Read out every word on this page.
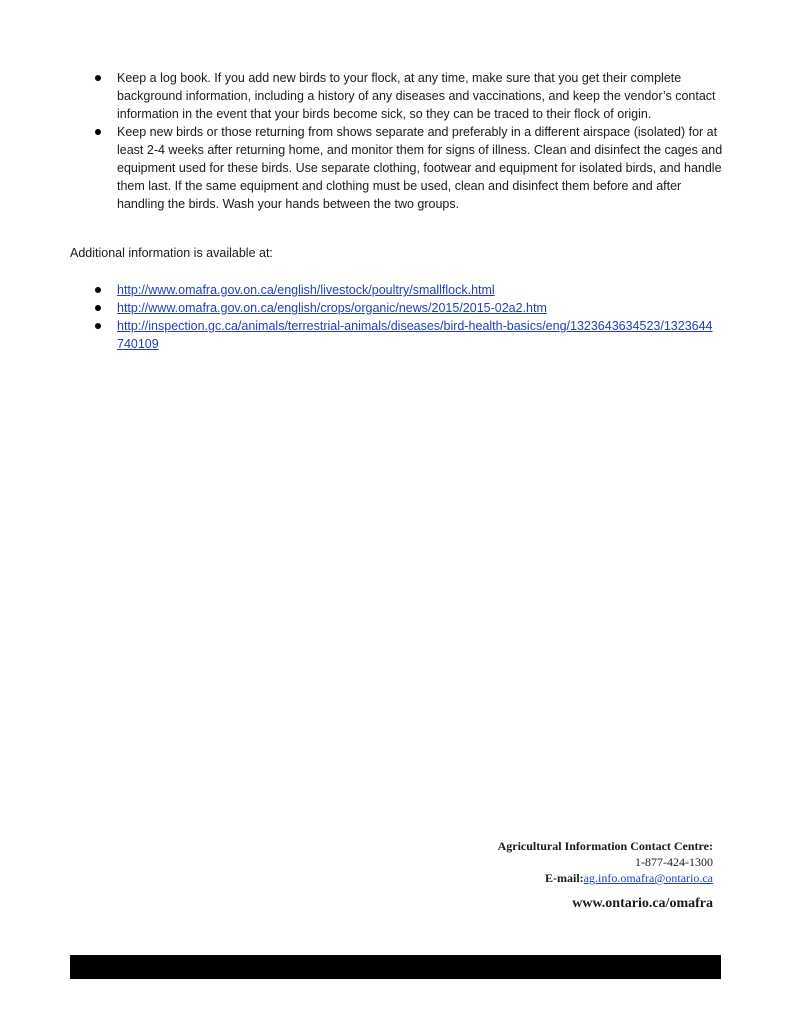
Keep a log book. If you add new birds to your flock, at any time, make sure that you get their complete background information, including a history of any diseases and vaccinations, and keep the vendor’s contact information in the event that your birds become sick, so they can be traced to their flock of origin.
Keep new birds or those returning from shows separate and preferably in a different airspace (isolated) for at least 2-4 weeks after returning home, and monitor them for signs of illness. Clean and disinfect the cages and equipment used for these birds. Use separate clothing, footwear and equipment for isolated birds, and handle them last. If the same equipment and clothing must be used, clean and disinfect them before and after handling the birds. Wash your hands between the two groups.

Additional information is available at:

http://www.omafra.gov.on.ca/english/livestock/poultry/smallflock.html
http://www.omafra.gov.on.ca/english/crops/organic/news/2015/2015-02a2.htm
http://inspection.gc.ca/animals/terrestrial-animals/diseases/bird-health-basics/eng/1323643634523/1323644740109
Agricultural Information Contact Centre:
1-877-424-1300
E-mail:ag.info.omafra@ontario.ca
www.ontario.ca/omafra
